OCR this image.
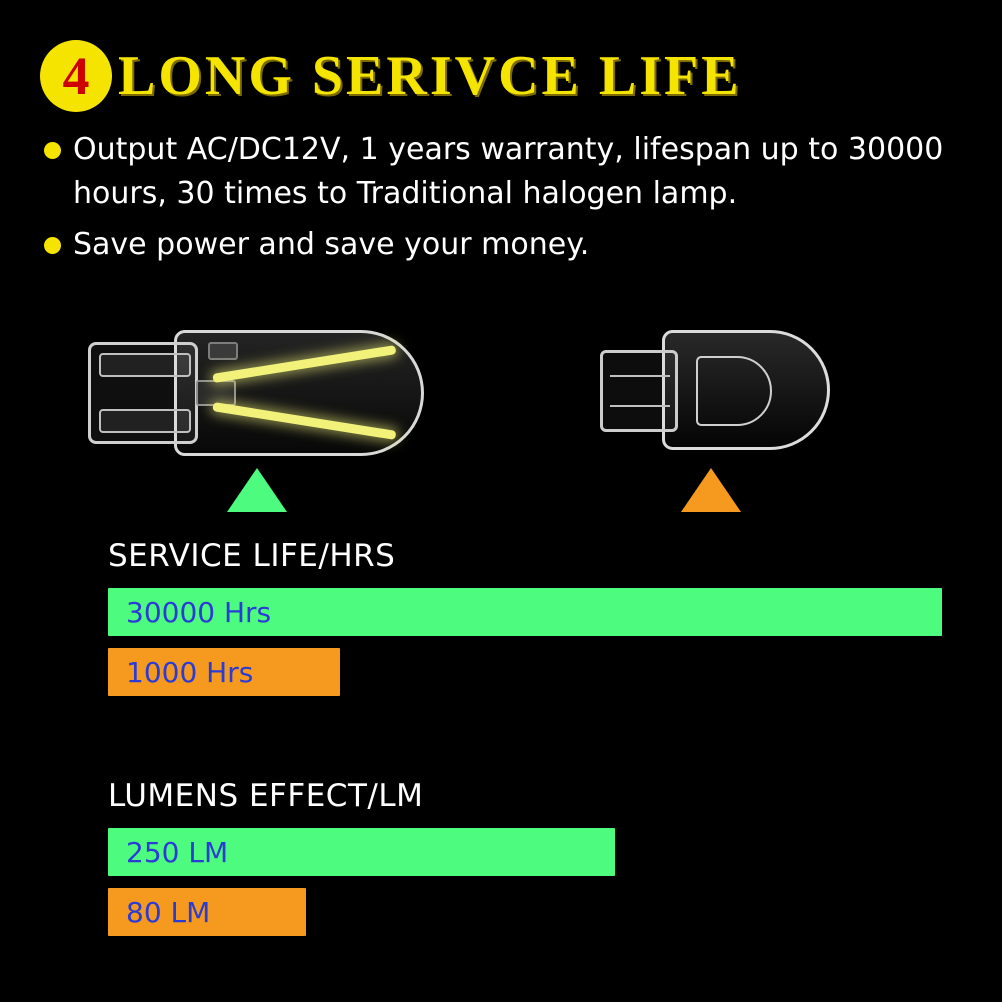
4 LONG SERIVCE LIFE
Output AC/DC12V, 1 years warranty, lifespan up to 30000 hours, 30 times to Traditional halogen lamp.
Save power and save your money.
SERVICE LIFE/HRS
30000 Hrs
1000 Hrs
LUMENS EFFECT/LM
250 LM
80 LM
